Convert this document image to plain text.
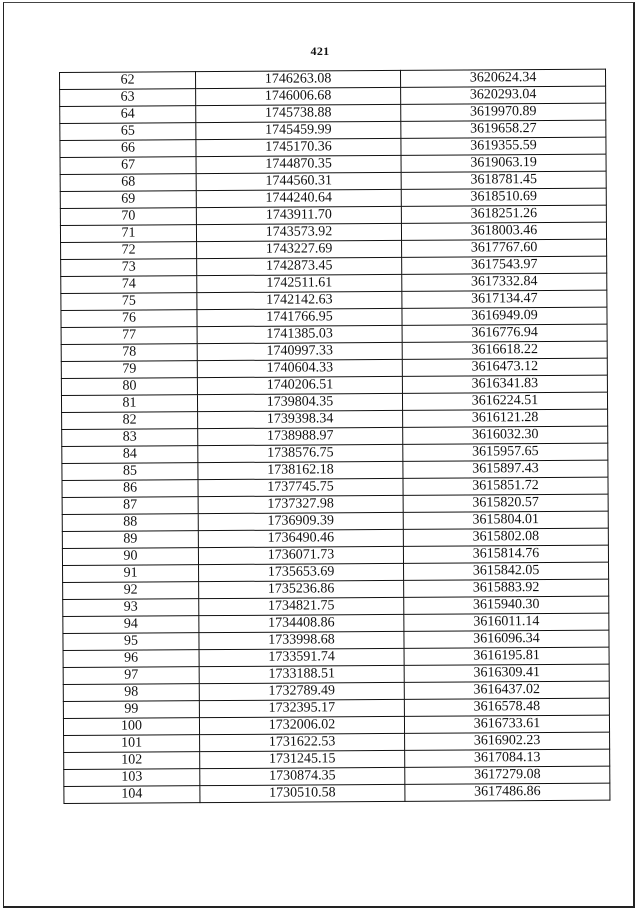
421
62	1746263.08	3620624.34
63	1746006.68	3620293.04
64	1745738.88	3619970.89
65	1745459.99	3619658.27
66	1745170.36	3619355.59
67	1744870.35	3619063.19
68	1744560.31	3618781.45
69	1744240.64	3618510.69
70	1743911.70	3618251.26
71	1743573.92	3618003.46
72	1743227.69	3617767.60
73	1742873.45	3617543.97
74	1742511.61	3617332.84
75	1742142.63	3617134.47
76	1741766.95	3616949.09
77	1741385.03	3616776.94
78	1740997.33	3616618.22
79	1740604.33	3616473.12
80	1740206.51	3616341.83
81	1739804.35	3616224.51
82	1739398.34	3616121.28
83	1738988.97	3616032.30
84	1738576.75	3615957.65
85	1738162.18	3615897.43
86	1737745.75	3615851.72
87	1737327.98	3615820.57
88	1736909.39	3615804.01
89	1736490.46	3615802.08
90	1736071.73	3615814.76
91	1735653.69	3615842.05
92	1735236.86	3615883.92
93	1734821.75	3615940.30
94	1734408.86	3616011.14
95	1733998.68	3616096.34
96	1733591.74	3616195.81
97	1733188.51	3616309.41
98	1732789.49	3616437.02
99	1732395.17	3616578.48
100	1732006.02	3616733.61
101	1731622.53	3616902.23
102	1731245.15	3617084.13
103	1730874.35	3617279.08
104	1730510.58	3617486.86
